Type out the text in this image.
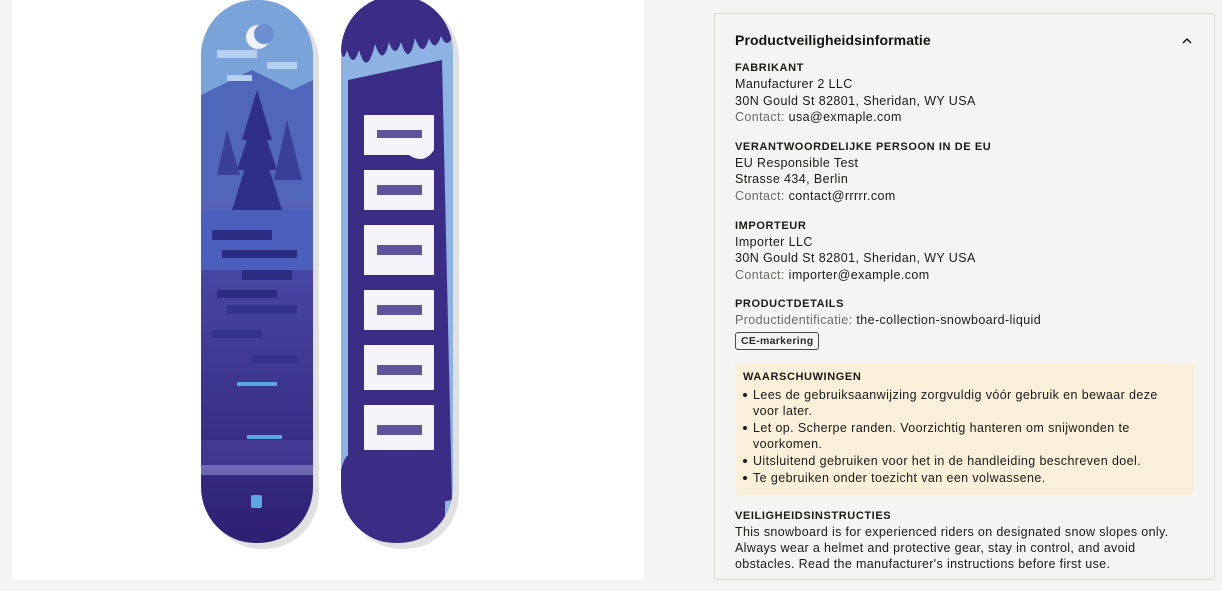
Productveiligheidsinformatie
FABRIKANT
Manufacturer 2 LLC
30N Gould St 82801, Sheridan, WY USA
Contact: usa@exmaple.com
VERANTWOORDELIJKE PERSOON IN DE EU
EU Responsible Test
Strasse 434, Berlin
Contact: contact@rrrrr.com
IMPORTEUR
Importer LLC
30N Gould St 82801, Sheridan, WY USA
Contact: importer@example.com
PRODUCTDETAILS
Productidentificatie: the-collection-snowboard-liquid
CE-markering
WAARSCHUWINGEN
Lees de gebruiksaanwijzing zorgvuldig vóór gebruik en bewaar deze voor later.
Let op. Scherpe randen. Voorzichtig hanteren om snijwonden te voorkomen.
Uitsluitend gebruiken voor het in de handleiding beschreven doel.
Te gebruiken onder toezicht van een volwassene.
VEILIGHEIDSINSTRUCTIES
This snowboard is for experienced riders on designated snow slopes only. Always wear a helmet and protective gear, stay in control, and avoid obstacles. Read the manufacturer's instructions before first use.
